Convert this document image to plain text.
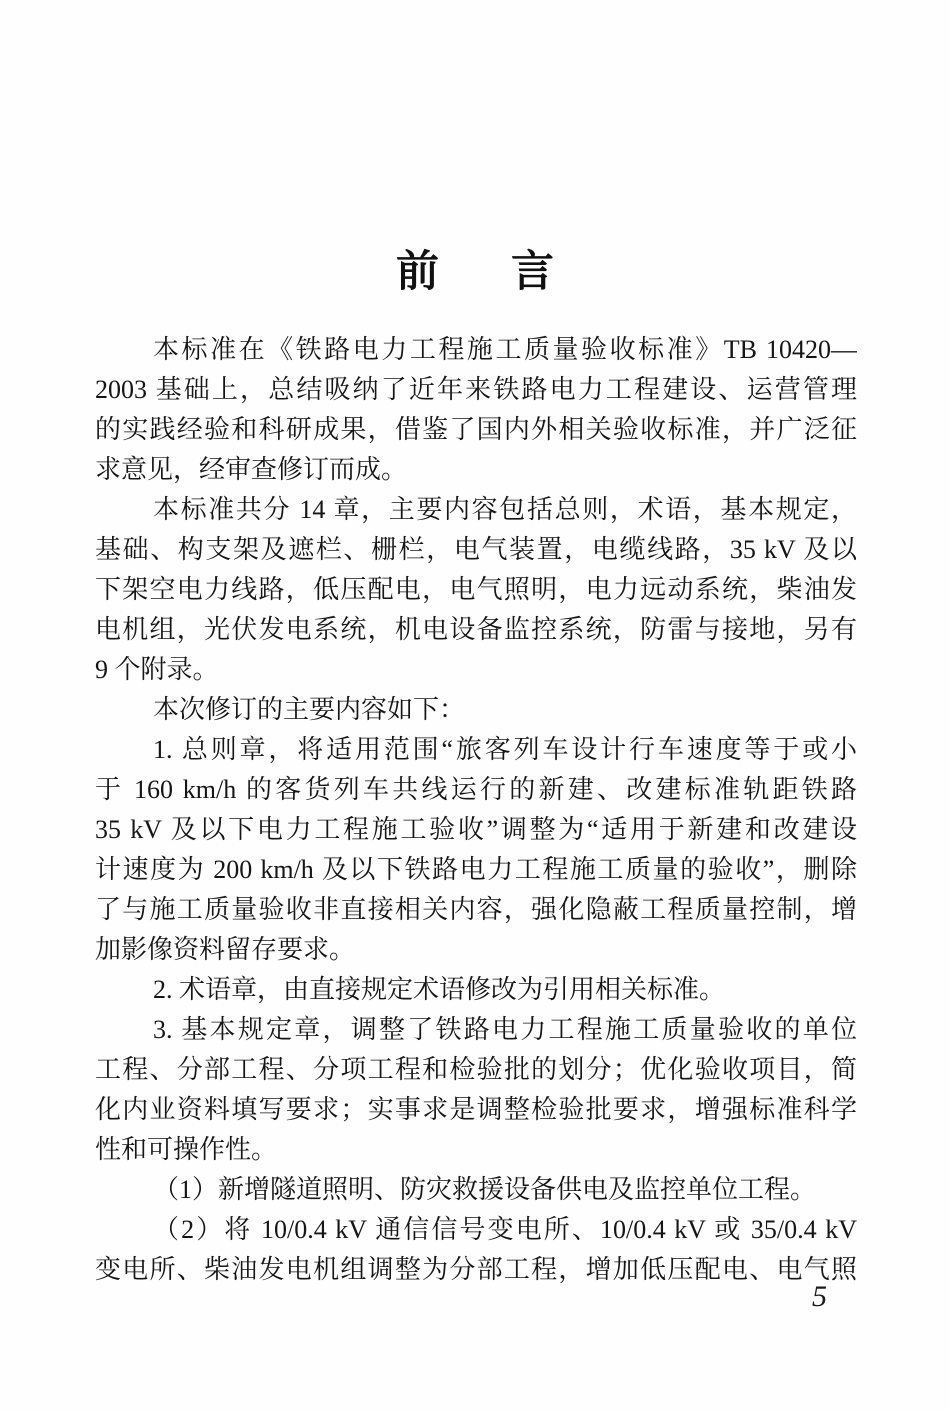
前 言
本标准在《铁路电力工程施工质量验收标准》TB 10420—
2003 基础上，总结吸纳了近年来铁路电力工程建设、运营管理
的实践经验和科研成果，借鉴了国内外相关验收标准，并广泛征
求意见，经审查修订而成。
本标准共分 14 章，主要内容包括总则，术语，基本规定，
基础、构支架及遮栏、栅栏，电气装置，电缆线路，35 kV 及以
下架空电力线路，低压配电，电气照明，电力远动系统，柴油发
电机组，光伏发电系统，机电设备监控系统，防雷与接地，另有
9 个附录。
本次修订的主要内容如下：
1. 总则章，将适用范围“旅客列车设计行车速度等于或小
于 160 km/h 的客货列车共线运行的新建、改建标准轨距铁路
35 kV 及以下电力工程施工验收”调整为“适用于新建和改建设
计速度为 200 km/h 及以下铁路电力工程施工质量的验收”，删除
了与施工质量验收非直接相关内容，强化隐蔽工程质量控制，增
加影像资料留存要求。
2. 术语章，由直接规定术语修改为引用相关标准。
3. 基本规定章，调整了铁路电力工程施工质量验收的单位
工程、分部工程、分项工程和检验批的划分；优化验收项目，简
化内业资料填写要求；实事求是调整检验批要求，增强标准科学
性和可操作性。
（1）新增隧道照明、防灾救援设备供电及监控单位工程。
（2）将 10/0.4 kV 通信信号变电所、10/0.4 kV 或 35/0.4 kV
变电所、柴油发电机组调整为分部工程，增加低压配电、电气照
5
